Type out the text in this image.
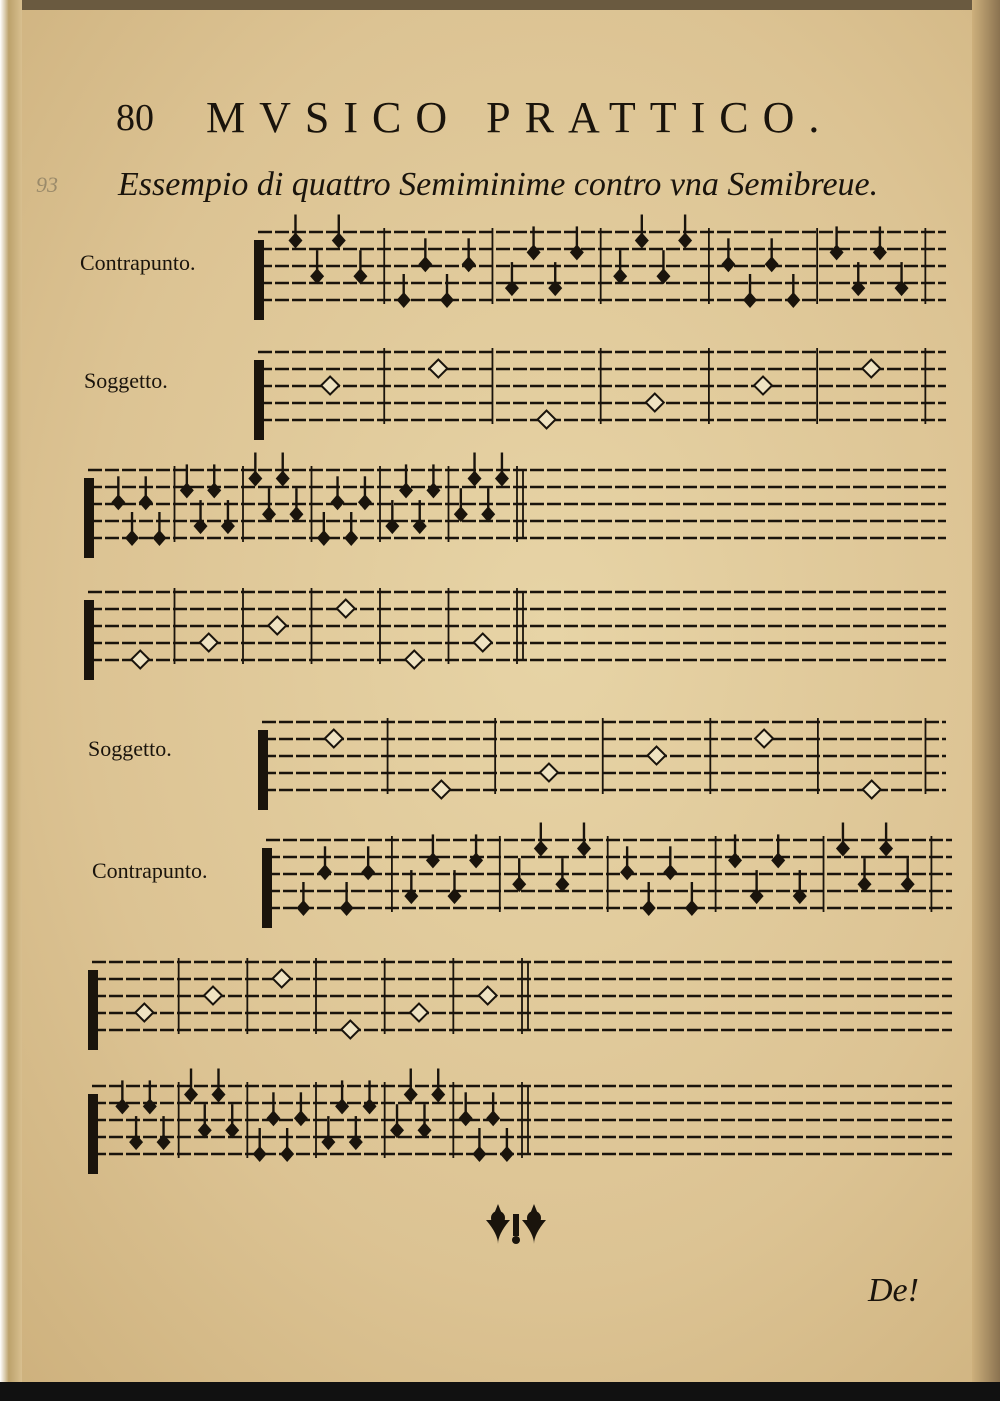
80 MVSICO PRATTICO.
93 Essempio di quattro Semiminime contro vna Semibreue.
Contrapunto.
Soggetto.
Soggetto.
Contrapunto.
De!
